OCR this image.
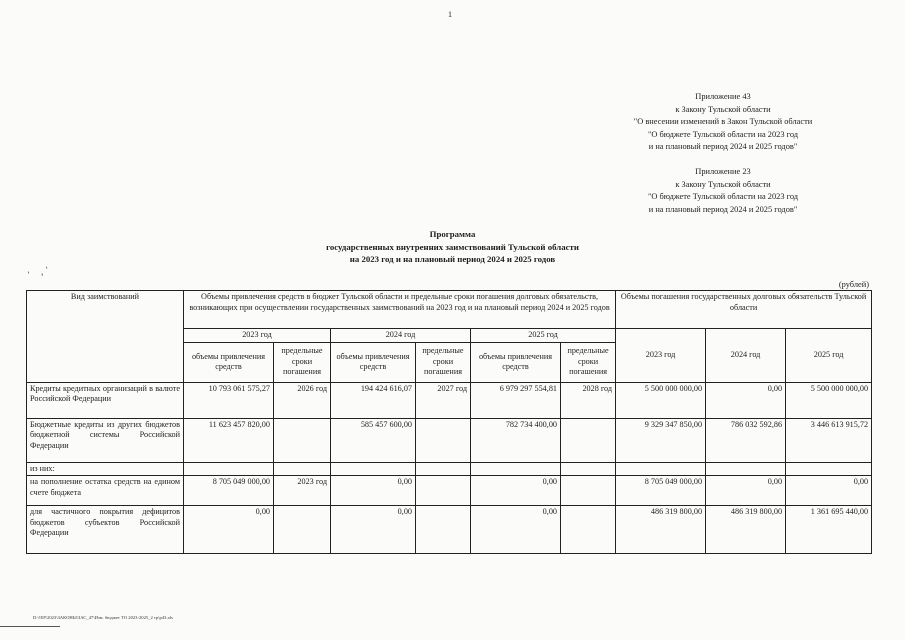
1
Приложение 43
к Закону Тульской области
"О внесении изменений в Закон Тульской области
"О бюджете Тульской области на 2023 год
и на плановый период 2024 и 2025 годов"
Приложение 23
к Закону Тульской области
"О бюджете Тульской области на 2023 год
и на плановый период 2024 и 2025 годов"
Программа
государственных внутренних заимствований Тульской области
на 2023 год и на плановый период 2024 и 2025 годов
' ,'
(рублей)
Вид заимствований	Объемы привлечения средств в бюджет Тульской области и предельные сроки погашения долговых обязательств, возникающих при осуществлении государственных заимствований на 2023 год и на плановый период 2024 и 2025 годов						Объемы погашения государственных долговых обязательств Тульской области		
	2023 год		2024 год		2025 год		2023 год	2024 год	2025 год
	объемы привлечения средств	предельные сроки погашения	объемы привлечения средств	предельные сроки погашения	объемы привлечения средств	предельные сроки погашения			
Кредиты кредитных организаций в валюте Российской Федерации	10 793 061 575,27	2026 год	194 424 616,07	2027 год	6 979 297 554,81	2028 год	5 500 000 000,00	0,00	5 500 000 000,00
Бюджетные кредиты из других бюджетов бюджетной системы Российской Федерации	11 623 457 820,00		585 457 600,00		782 734 400,00		9 329 347 850,00	786 032 592,86	3 446 613 915,72
из них:									
на пополнение остатка средств на едином счете бюджета	8 705 049 000,00	2023 год	0,00		0,00		8 705 049 000,00	0,00	0,00
для частичного покрытия дефицитов бюджетов субъектов Российской Федерации	0,00		0,00		0,00		486 319 800,00	486 319 800,00	1 361 695 440,00
D:\!EP\2023\ЗАКОНЫ\ЗАС_47\Изм. бюджет ТО 2023-2025_2 тр\р43.xls
